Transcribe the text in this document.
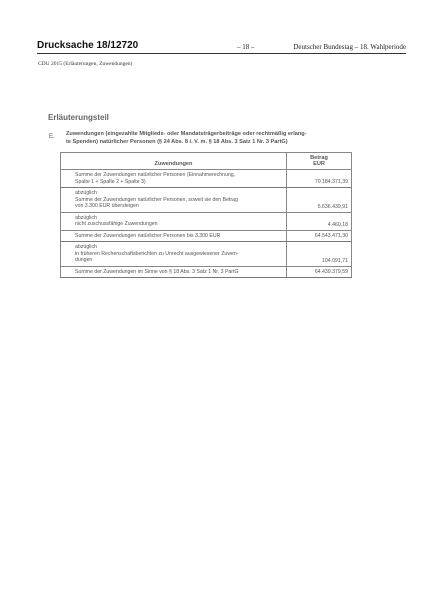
Drucksache 18/12720	– 18 –	Deutscher Bundestag – 18. Wahlperiode
CDU 2015 (Erläuterungen, Zuwendungen)
Erläuterungsteil
E. Zuwendungen (eingezahlte Mitglieds- oder Mandatsträgerbeiträge oder rechtmäßig erlang-
te Spenden) natürlicher Personen (§ 24 Abs. 8 i. V. m. § 18 Abs. 3 Satz 1 Nr. 3 PartG)
Zuwendungen	Betrag
EUR

Summe der Zuwendungen natürlicher Personen (Einnahmerechnung,
Spalte 1 + Spalte 2 + Spalte 3)	70.184.371,39

abzüglich
Summe der Zuwendungen natürlicher Personen, soweit sie den Betrag
von 3.300 EUR übersteigen	5.636.439,91

abzüglich
nicht zuschussfähige Zuwendungen	4.460,18

Summe der Zuwendungen natürlicher Personen bis 3.300 EUR	64.543.471,30

abzüglich
in früheren Rechenschaftsberichten zu Unrecht ausgewiesener Zuwen-
dungen	104.091,71

Summe der Zuwendungen im Sinne von § 18 Abs. 3 Satz 1 Nr. 3 PartG	64.439.379,59
